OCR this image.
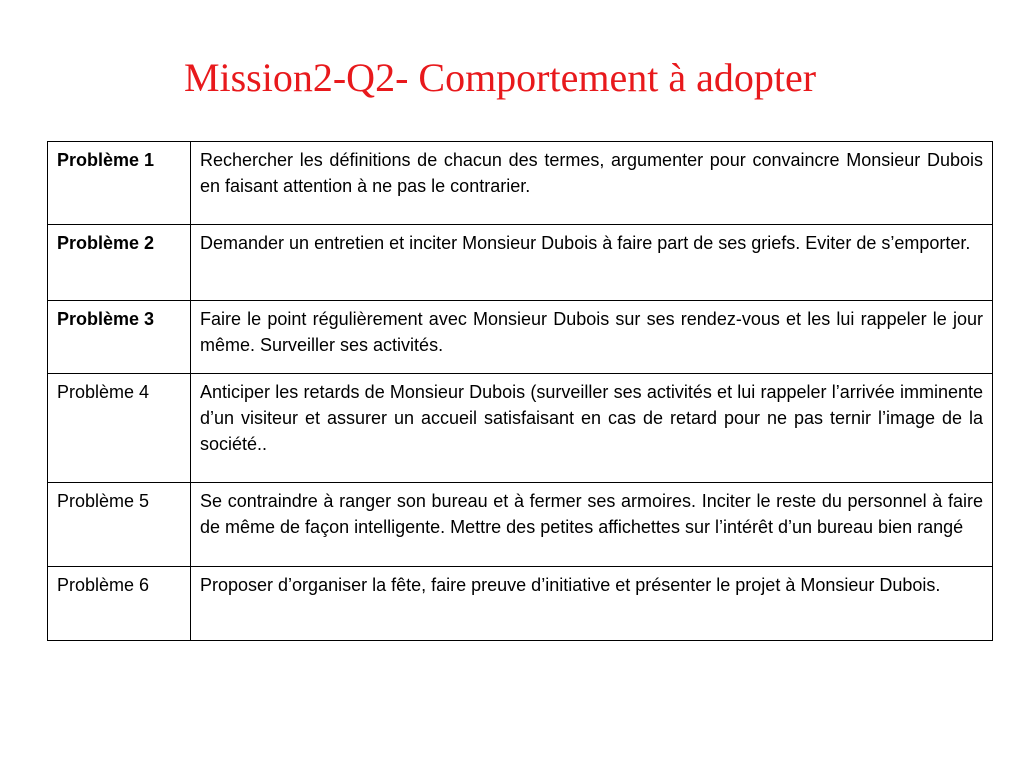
Mission2-Q2- Comportement à adopter
Problème 1	Rechercher les définitions de chacun des termes, argumenter pour convaincre Monsieur Dubois en faisant attention à ne pas le contrarier.
Problème 2	Demander un entretien et inciter Monsieur Dubois à faire part de ses griefs. Eviter de s’emporter.
Problème 3	Faire le point régulièrement avec Monsieur Dubois sur ses rendez-vous et les lui rappeler le jour même. Surveiller ses activités.
Problème 4	Anticiper les retards de Monsieur Dubois (surveiller ses activités et lui rappeler l’arrivée imminente d’un visiteur et assurer un accueil satisfaisant en cas de retard pour ne pas ternir l’image de la société..
Problème 5	Se contraindre à ranger son bureau et à fermer ses armoires. Inciter le reste du personnel à faire de même de façon intelligente. Mettre des petites affichettes sur l’intérêt d’un bureau bien rangé
Problème 6	Proposer d’organiser la fête, faire preuve d’initiative et présenter le projet à Monsieur Dubois.
